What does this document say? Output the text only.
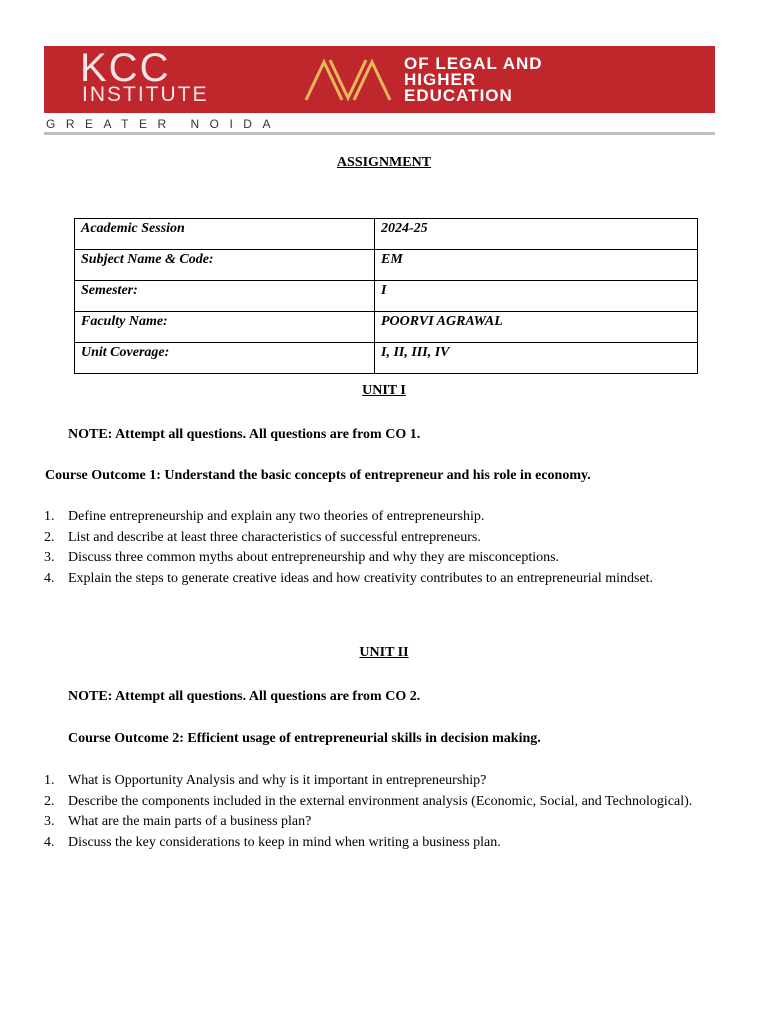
KCC
INSTITUTE
OF LEGAL AND
HIGHER
EDUCATION
GREATER NOIDA
ASSIGNMENT
Academic Session	2024-25
Subject Name & Code:	EM
Semester:	I
Faculty Name:	POORVI AGRAWAL
Unit Coverage:	I, II, III, IV
UNIT I
NOTE: Attempt all questions. All questions are from CO 1.
Course Outcome 1: Understand the basic concepts of entrepreneur and his role in economy.
1. Define entrepreneurship and explain any two theories of entrepreneurship.
2. List and describe at least three characteristics of successful entrepreneurs.
3. Discuss three common myths about entrepreneurship and why they are misconceptions.
4. Explain the steps to generate creative ideas and how creativity contributes to an entrepreneurial mindset.
UNIT II
NOTE: Attempt all questions. All questions are from CO 2.
Course Outcome 2: Efficient usage of entrepreneurial skills in decision making.
1. What is Opportunity Analysis and why is it important in entrepreneurship?
2. Describe the components included in the external environment analysis (Economic, Social, and Technological).
3. What are the main parts of a business plan?
4. Discuss the key considerations to keep in mind when writing a business plan.
